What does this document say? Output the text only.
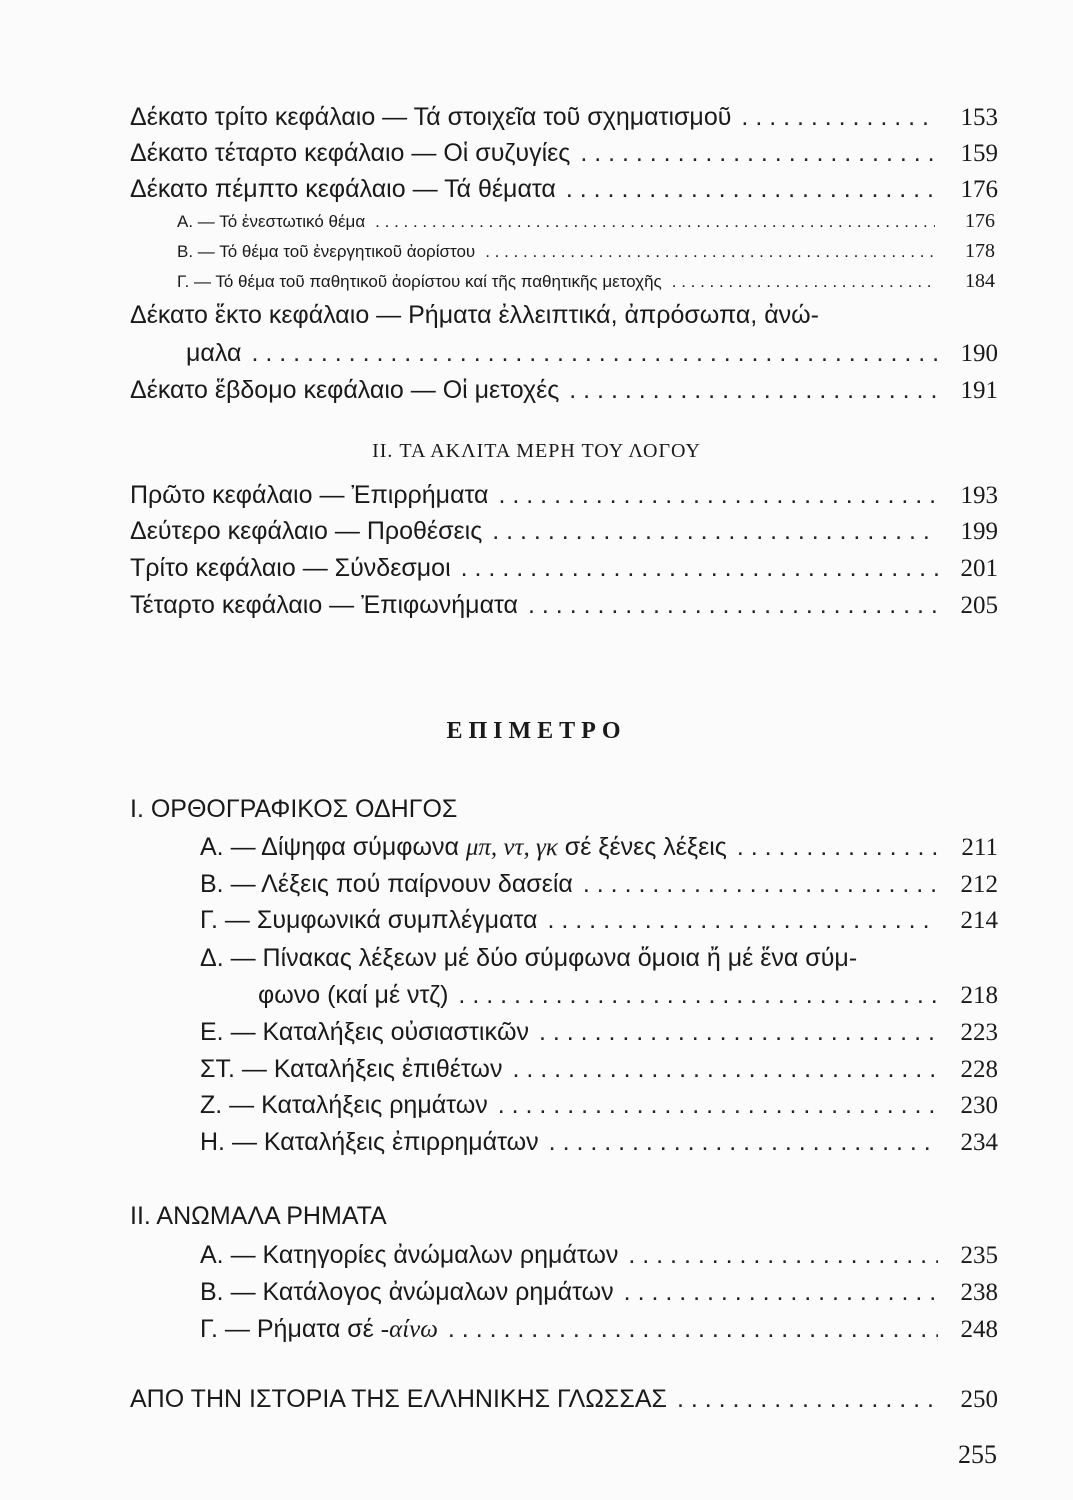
Δέκατο τρίτο κεφάλαιο — Τά στοιχεῖα τοῦ σχηματισμοῦ . . .	153
Δέκατο τέταρτο κεφάλαιο — Οἱ συζυγίες . . .	159
Δέκατο πέμπτο κεφάλαιο — Τά θέματα . . .	176
Α. — Τό ἐνεστωτικό θέμα . . .	176
Β. — Τό θέμα τοῦ ἐνεργητικοῦ ἀορίστου . . .	178
Γ. — Τό θέμα τοῦ παθητικοῦ ἀορίστου καί τῆς παθητικῆς μετοχῆς . . .	184
Δέκατο ἕκτο κεφάλαιο — Ρήματα ἐλλειπτικά, ἀπρόσωπα, ἀνώ-
μαλα . . .	190
Δέκατο ἕβδομο κεφάλαιο — Οἱ μετοχές . . .	191
II. ΤΑ ΑΚΛΙΤΑ ΜΕΡΗ ΤΟΥ ΛΟΓΟΥ
Πρῶτο κεφάλαιο — Ἐπιρρήματα . . .	193
Δεύτερο κεφάλαιο — Προθέσεις . . .	199
Τρίτο κεφάλαιο — Σύνδεσμοι . . .	201
Τέταρτο κεφάλαιο — Ἐπιφωνήματα . . .	205
ΕΠΙΜΕΤΡΟ
Ι. ΟΡΘΟΓΡΑΦΙΚΟΣ ΟΔΗΓΟΣ
Α. — Δίψηφα σύμφωνα μπ, ντ, γκ σέ ξένες λέξεις . . .	211
Β. — Λέξεις πού παίρνουν δασεία . . .	212
Γ. — Συμφωνικά συμπλέγματα . . .	214
Δ. — Πίνακας λέξεων μέ δύο σύμφωνα ὅμοια ἤ μέ ἕνα σύμ-
φωνο (καί μέ ντζ) . . .	218
Ε. — Καταλήξεις οὐσιαστικῶν . . .	223
ΣΤ. — Καταλήξεις ἐπιθέτων . . .	228
Ζ. — Καταλήξεις ρημάτων . . .	230
Η. — Καταλήξεις ἐπιρρημάτων . . .	234
ΙΙ. ΑΝΩΜΑΛΑ ΡΗΜΑΤΑ
Α. — Κατηγορίες ἀνώμαλων ρημάτων . . .	235
Β. — Κατάλογος ἀνώμαλων ρημάτων . . .	238
Γ. — Ρήματα σέ -αίνω . . .	248
ΑΠΟ ΤΗΝ ΙΣΤΟΡΙΑ ΤΗΣ ΕΛΛΗΝΙΚΗΣ ΓΛΩΣΣΑΣ . . .	250
255
